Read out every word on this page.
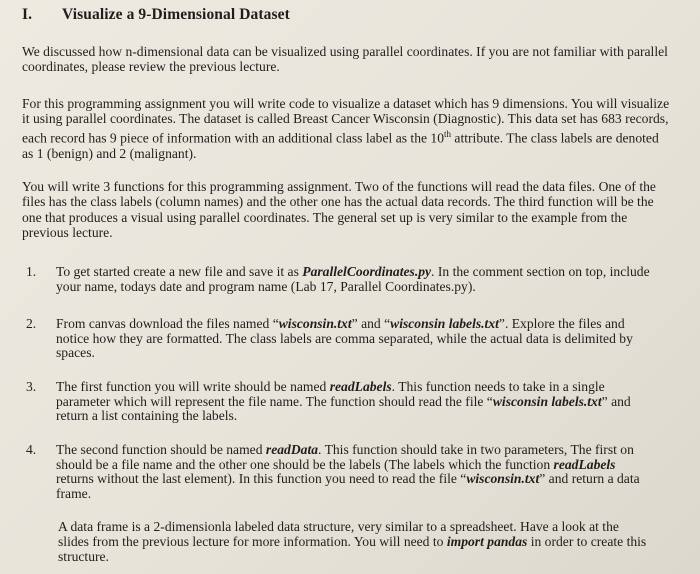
I. Visualize a 9-Dimensional Dataset
We discussed how n-dimensional data can be visualized using parallel coordinates. If you are not familiar with parallel coordinates, please review the previous lecture.
For this programming assignment you will write code to visualize a dataset which has 9 dimensions. You will visualize it using parallel coordinates. The dataset is called Breast Cancer Wisconsin (Diagnostic). This data set has 683 records, each record has 9 piece of information with an additional class label as the 10th attribute. The class labels are denoted as 1 (benign) and 2 (malignant).
You will write 3 functions for this programming assignment. Two of the functions will read the data files. One of the files has the class labels (column names) and the other one has the actual data records. The third function will be the one that produces a visual using parallel coordinates. The general set up is very similar to the example from the previous lecture.
1.	To get started create a new file and save it as ParallelCoordinates.py. In the comment section on top, include your name, todays date and program name (Lab 17, Parallel Coordinates.py).
2.	From canvas download the files named “wisconsin.txt” and “wisconsin labels.txt”. Explore the files and notice how they are formatted. The class labels are comma separated, while the actual data is delimited by spaces.
3.	The first function you will write should be named readLabels. This function needs to take in a single parameter which will represent the file name. The function should read the file “wisconsin labels.txt” and return a list containing the labels.
4.	The second function should be named readData. This function should take in two parameters, The first on should be a file name and the other one should be the labels (The labels which the function readLabels returns without the last element). In this function you need to read the file “wisconsin.txt” and return a data frame.
A data frame is a 2-dimensionla labeled data structure, very similar to a spreadsheet. Have a look at the slides from the previous lecture for more information. You will need to import pandas in order to create this structure.
